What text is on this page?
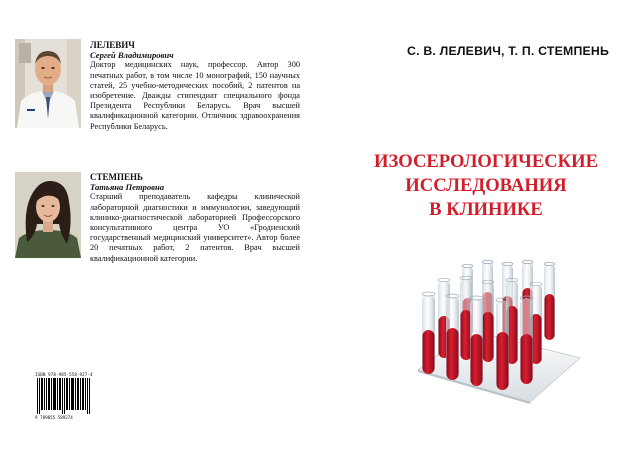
ЛЕЛЕВИЧ
Сергей Владимирович
Доктор медицинских наук, профессор. Автор 300 печатных работ, в том числе 10 монографий, 150 научных статей, 25 учебно-методических пособий, 2 патентов на изобретение. Дважды стипендиат специального фонда Президента Республики Беларусь. Врач высшей квалификационной категории. Отличник здравоохранения Республики Беларусь.
СТЕМПЕНЬ
Татьяна Петровна
Старший преподаватель кафедры клинической лабораторной диагностики и иммунологии, заведующий клинико-диагностической лабораторией Профессорского консультативного центра УО «Гродненский государственный медицинский университет». Автор более 20 печатных работ, 2 патентов. Врач высшей квалификационной категории.
ISBN 978-985-558-927-4
9 789855 589274
С. В. ЛЕЛЕВИЧ, Т. П. СТЕМПЕНЬ
ИЗОСЕРОЛОГИЧЕСКИЕ
ИССЛЕДОВАНИЯ
В КЛИНИКЕ
